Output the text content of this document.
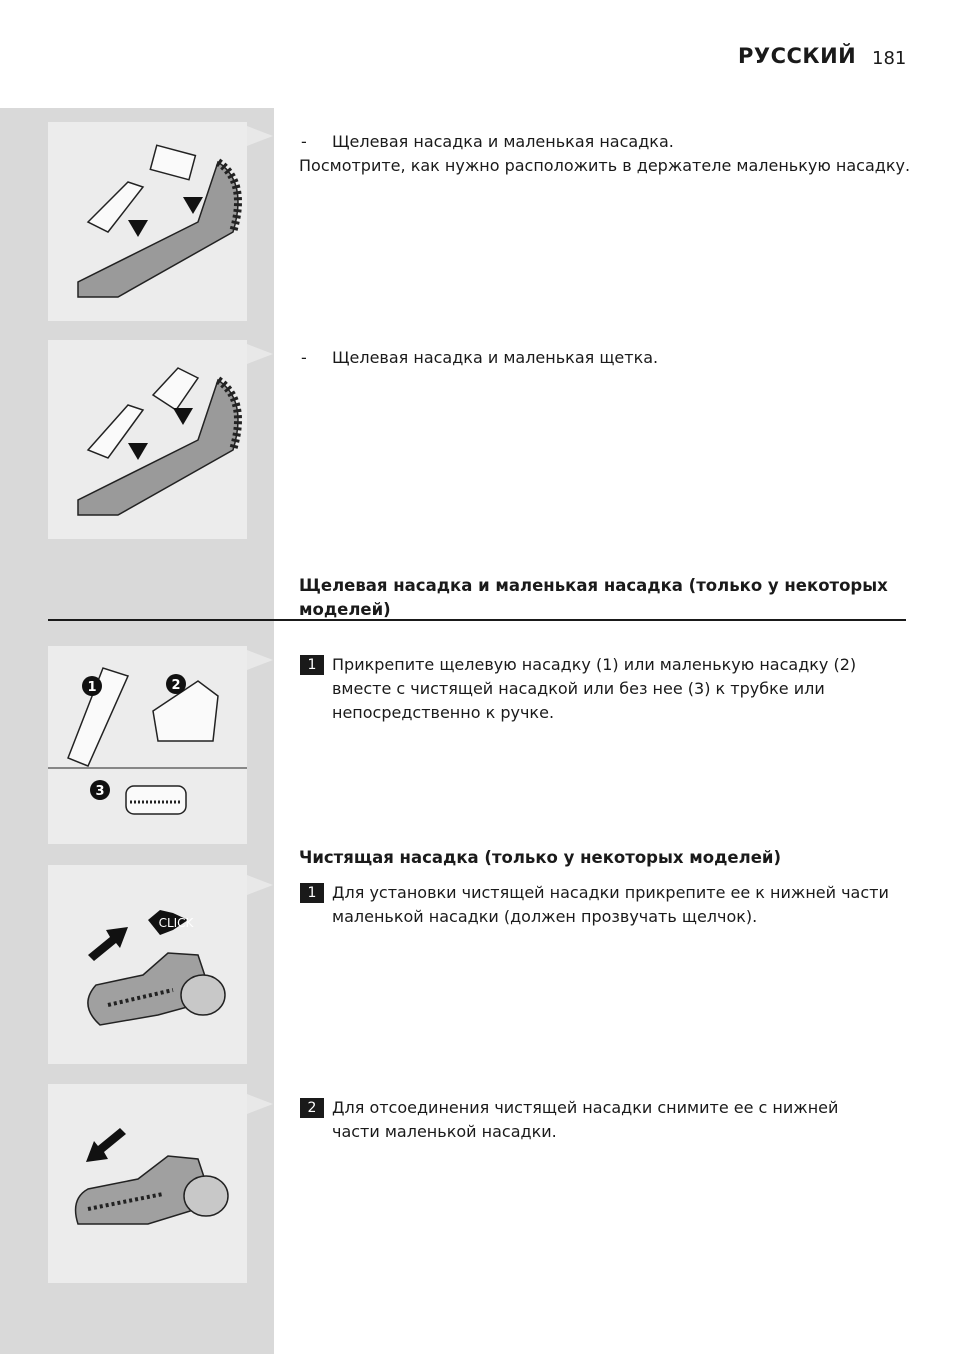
РУССКИЙ 181
- Щелевая насадка и маленькая насадка.
Посмотрите, как нужно расположить в держателе маленькую насадку.
- Щелевая насадка и маленькая щетка.
Щелевая насадка и маленькая насадка (только у некоторых
моделей)
1	2
3
1 Прикрепите щелевую насадку (1) или маленькую насадку (2)
вместе с чистящей насадкой или без нее (3) к трубке или
непосредственно к ручке.
Чистящая насадка (только у некоторых моделей)
CLICK
1 Для установки чистящей насадки прикрепите ее к нижней части
маленькой насадки (должен прозвучать щелчок).
2 Для отсоединения чистящей насадки снимите ее с нижней
части маленькой насадки.
